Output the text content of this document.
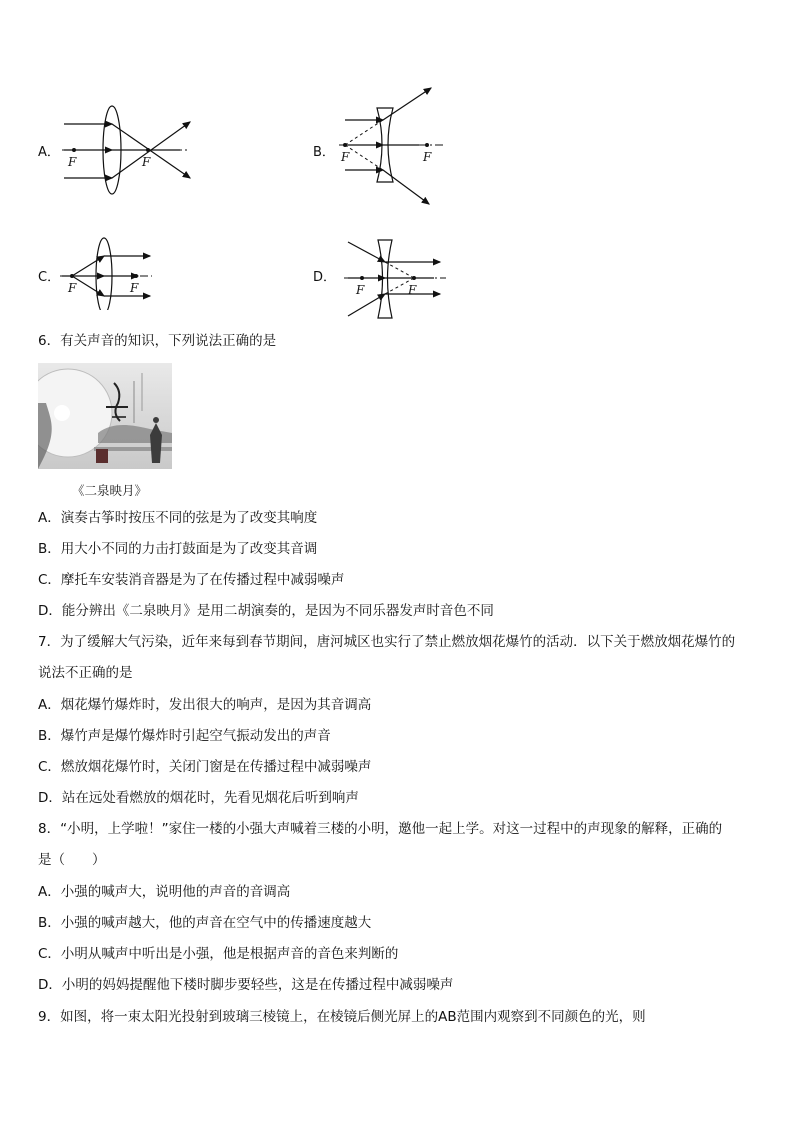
A．
F	F
B． F	F
C．
F	F
D．
F	F
6．有关声音的知识，下列说法正确的是
《二泉映月》
A．演奏古筝时按压不同的弦是为了改变其响度
B．用大小不同的力击打鼓面是为了改变其音调
C．摩托车安装消音器是为了在传播过程中减弱噪声
D．能分辨出《二泉映月》是用二胡演奏的，是因为不同乐器发声时音色不同
7．为了缓解大气污染，近年来每到春节期间，唐河城区也实行了禁止燃放烟花爆竹的活动．以下关于燃放烟花爆竹的
说法不正确的是
A．烟花爆竹爆炸时，发出很大的响声，是因为其音调高
B．爆竹声是爆竹爆炸时引起空气振动发出的声音
C．燃放烟花爆竹时，关闭门窗是在传播过程中减弱噪声
D．站在远处看燃放的烟花时，先看见烟花后听到响声
8．“小明，上学啦！”家住一楼的小强大声喊着三楼的小明，邀他一起上学。对这一过程中的声现象的解释，正确的
是（　　）
A．小强的喊声大，说明他的声音的音调高
B．小强的喊声越大，他的声音在空气中的传播速度越大
C．小明从喊声中听出是小强，他是根据声音的音色来判断的
D．小明的妈妈提醒他下楼时脚步要轻些，这是在传播过程中减弱噪声
9．如图，将一束太阳光投射到玻璃三棱镜上，在棱镜后侧光屏上的AB范围内观察到不同颜色的光，则
